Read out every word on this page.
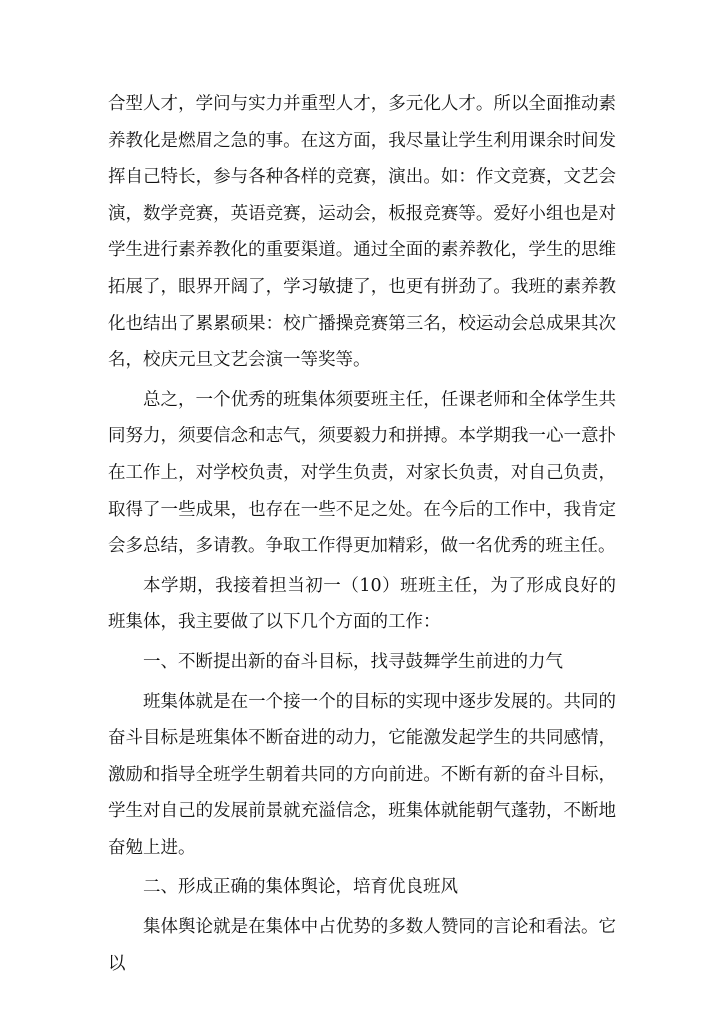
合型人才，学问与实力并重型人才，多元化人才。所以全面推动素养教化是燃眉之急的事。在这方面，我尽量让学生利用课余时间发挥自己特长，参与各种各样的竞赛，演出。如：作文竞赛，文艺会演，数学竞赛，英语竞赛，运动会，板报竞赛等。爱好小组也是对学生进行素养教化的重要渠道。通过全面的素养教化，学生的思维拓展了，眼界开阔了，学习敏捷了，也更有拼劲了。我班的素养教化也结出了累累硕果：校广播操竞赛第三名，校运动会总成果其次名，校庆元旦文艺会演一等奖等。

总之，一个优秀的班集体须要班主任，任课老师和全体学生共同努力，须要信念和志气，须要毅力和拼搏。本学期我一心一意扑在工作上，对学校负责，对学生负责，对家长负责，对自己负责，取得了一些成果，也存在一些不足之处。在今后的工作中，我肯定会多总结，多请教。争取工作得更加精彩，做一名优秀的班主任。

本学期，我接着担当初一（10）班班主任，为了形成良好的班集体，我主要做了以下几个方面的工作：

一、不断提出新的奋斗目标，找寻鼓舞学生前进的力气

班集体就是在一个接一个的目标的实现中逐步发展的。共同的奋斗目标是班集体不断奋进的动力，它能激发起学生的共同感情，激励和指导全班学生朝着共同的方向前进。不断有新的奋斗目标，学生对自己的发展前景就充溢信念，班集体就能朝气蓬勃，不断地奋勉上进。

二、形成正确的集体舆论，培育优良班风

集体舆论就是在集体中占优势的多数人赞同的言论和看法。它以
